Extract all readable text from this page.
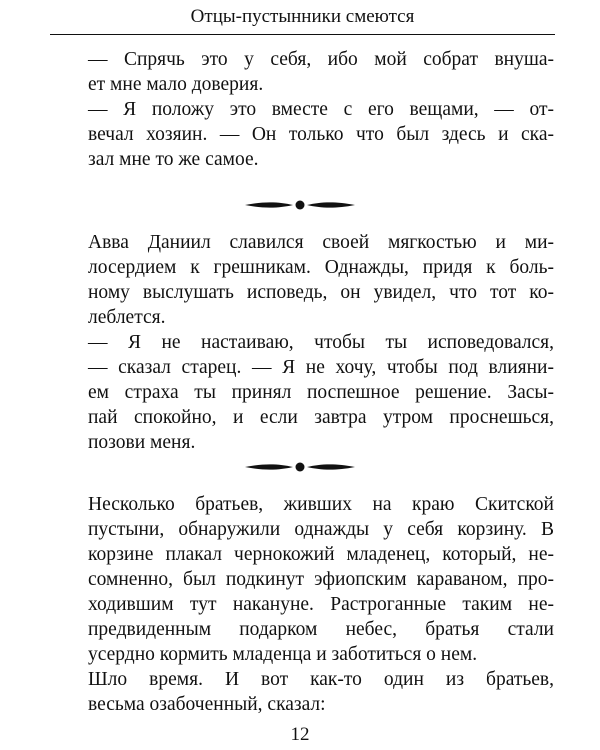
Отцы-пустынники смеются

— Спрячь это у себя, ибо мой собрат внуша-
ет мне мало доверия.

— Я положу это вместе с его вещами, — от-
вечал хозяин. — Он только что был здесь и ска-
зал мне то же самое.

Авва Даниил славился своей мягкостью и ми-
лосердием к грешникам. Однажды, придя к боль-
ному выслушать исповедь, он увидел, что тот ко-
леблется.

— Я не настаиваю, чтобы ты исповедовался,
— сказал старец. — Я не хочу, чтобы под влияни-
ем страха ты принял поспешное решение. Засы-
пай спокойно, и если завтра утром проснешься,
позови меня.

Несколько братьев, живших на краю Скитской
пустыни, обнаружили однажды у себя корзину. В
корзине плакал чернокожий младенец, который, не-
сомненно, был подкинут эфиопским караваном, про-
ходившим тут накануне. Растроганные таким не-
предвиденным подарком небес, братья стали
усердно кормить младенца и заботиться о нем.

Шло время. И вот как-то один из братьев,
весьма озабоченный, сказал:

12
